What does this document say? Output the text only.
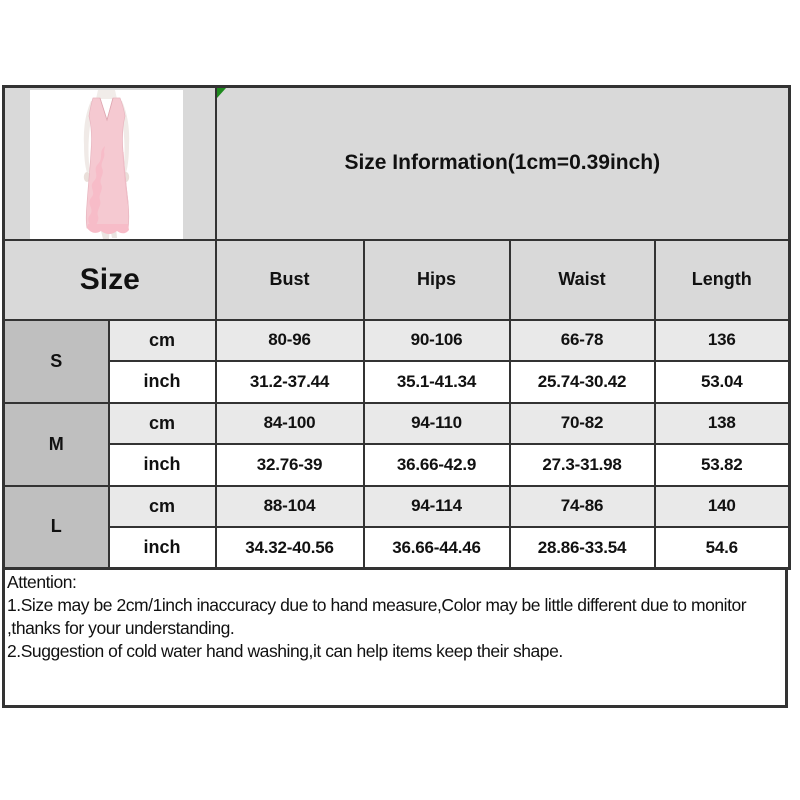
Size Information(1cm=0.39inch)			
Size		Bust	Hips	Waist	Length
S	cm	80-96	90-106	66-78	136
	inch	31.2-37.44	35.1-41.34	25.74-30.42	53.04
M	cm	84-100	94-110	70-82	138
	inch	32.76-39	36.66-42.9	27.3-31.98	53.82
L	cm	88-104	94-114	74-86	140
	inch	34.32-40.56	36.66-44.46	28.86-33.54	54.6
Attention:
1.Size may be 2cm/1inch inaccuracy due to hand measure,Color may be little different due to monitor
,thanks for your understanding.
2.Suggestion of cold water hand washing,it can help items keep their shape.
